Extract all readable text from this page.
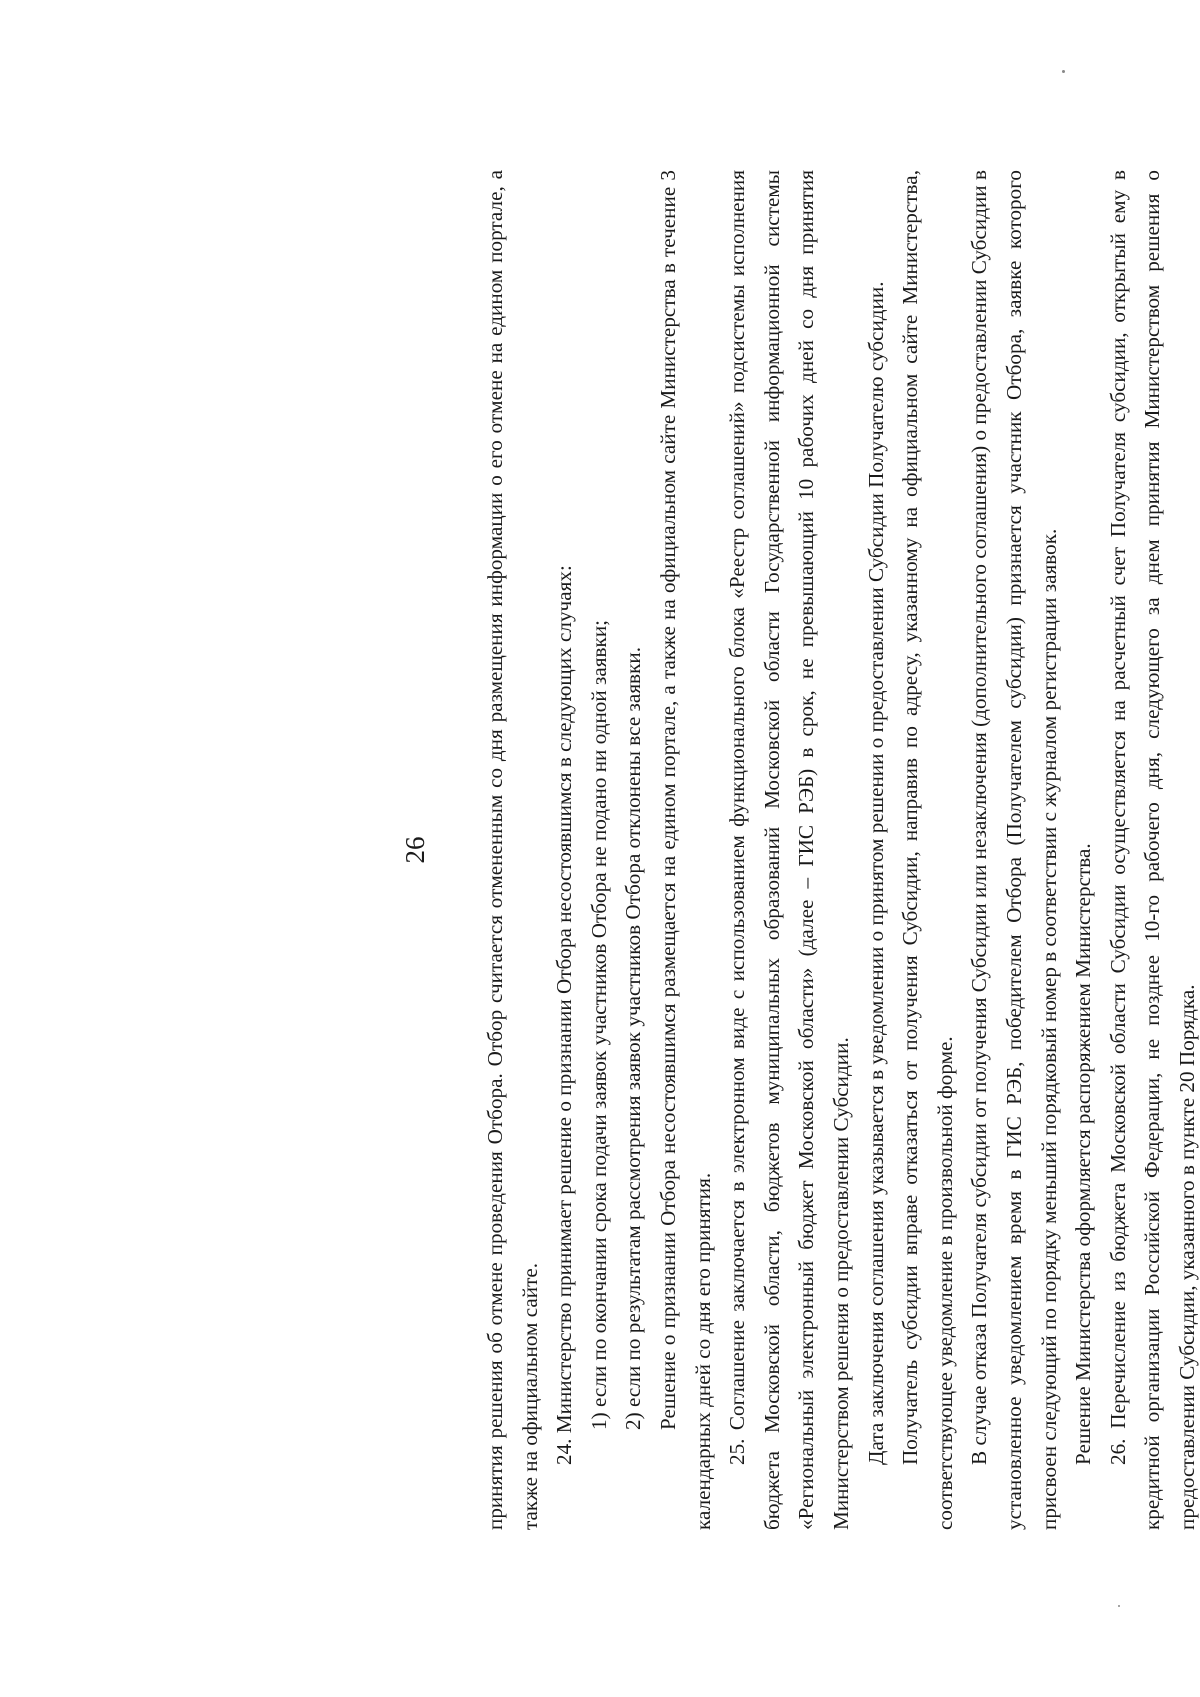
26	принятия решения об отмене проведения Отбора. Отбор считается отмененным со дня размещения информации о его отмене на едином портале, а также на официальном сайте. 24. Министерство принимает решение о признании Отбора несостоявшимся в следующих случаях: 1) если по окончании срока подачи заявок участников Отбора не подано ни одной заявки; 2) если по результатам рассмотрения заявок участников Отбора отклонены все заявки. Решение о признании Отбора несостоявшимся размещается на едином портале, а также на официальном сайте Министерства в течение 3 календарных дней со дня его принятия. 25. Соглашение заключается в электронном виде с использованием функционального блока «Реестр соглашений» подсистемы исполнения бюджета Московской области, бюджетов муниципальных образований Московской области Государственной информационной системы «Региональный электронный бюджет Московской области» (далее – ГИС РЭБ) в срок, не превышающий 10 рабочих дней со дня принятия Министерством решения о предоставлении Субсидии. Дата заключения соглашения указывается в уведомлении о принятом решении о предоставлении Субсидии Получателю субсидии. Получатель субсидии вправе отказаться от получения Субсидии, направив по адресу, указанному на официальном сайте Министерства, соответствующее уведомление в произвольной форме. В случае отказа Получателя субсидии от получения Субсидии или незаключения (дополнительного соглашения) о предоставлении Субсидии в установленное уведомлением время в ГИС РЭБ, победителем Отбора (Получателем субсидии) признается участник Отбора, заявке которого присвоен следующий по порядку меньший порядковый номер в соответствии с журналом регистрации заявок. Решение Министерства оформляется распоряжением Министерства. 26. Перечисление из бюджета Московской области Субсидии осуществляется на расчетный счет Получателя субсидии, открытый ему в кредитной организации Российской Федерации, не позднее 10-го рабочего дня, следующего за днем принятия Министерством решения о предоставлении Субсидии, указанного в пункте 20 Порядка.
